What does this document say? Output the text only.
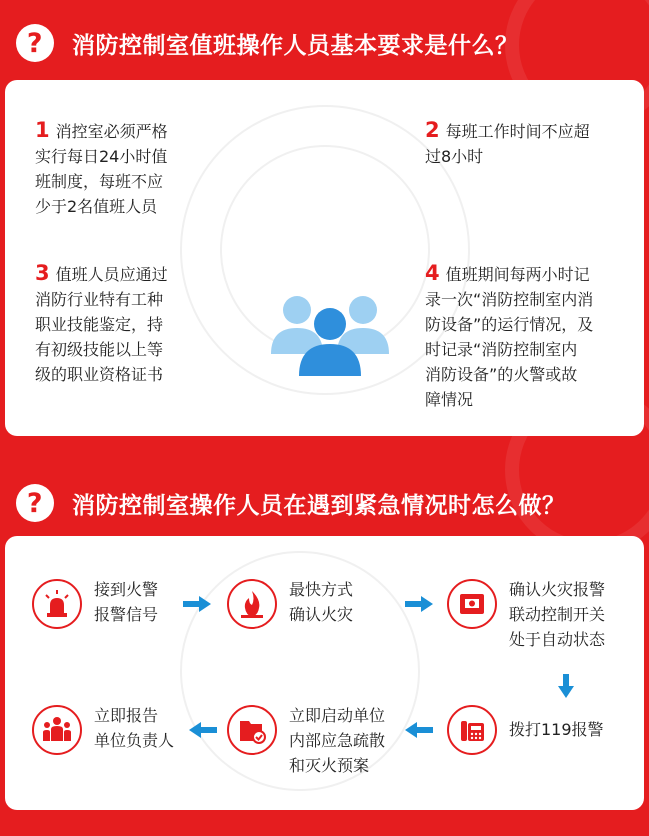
?	消防控制室值班操作人员基本要求是什么？
1 消控室必须严格
实行每日24小时值
班制度，每班不应
少于2名值班人员
2 每班工作时间不应超
过8小时
3 值班人员应通过
消防行业特有工种
职业技能鉴定，持
有初级技能以上等
级的职业资格证书
4 值班期间每两小时记
录一次“消防控制室内消
防设备”的运行情况，及
时记录“消防控制室内
消防设备”的火警或故
障情况
?	消防控制室操作人员在遇到紧急情况时怎么做？
接到火警
报警信号
最快方式
确认火灾
确认火灾报警
联动控制开关
处于自动状态
拨打119报警
立即启动单位
内部应急疏散
和灭火预案
立即报告
单位负责人
